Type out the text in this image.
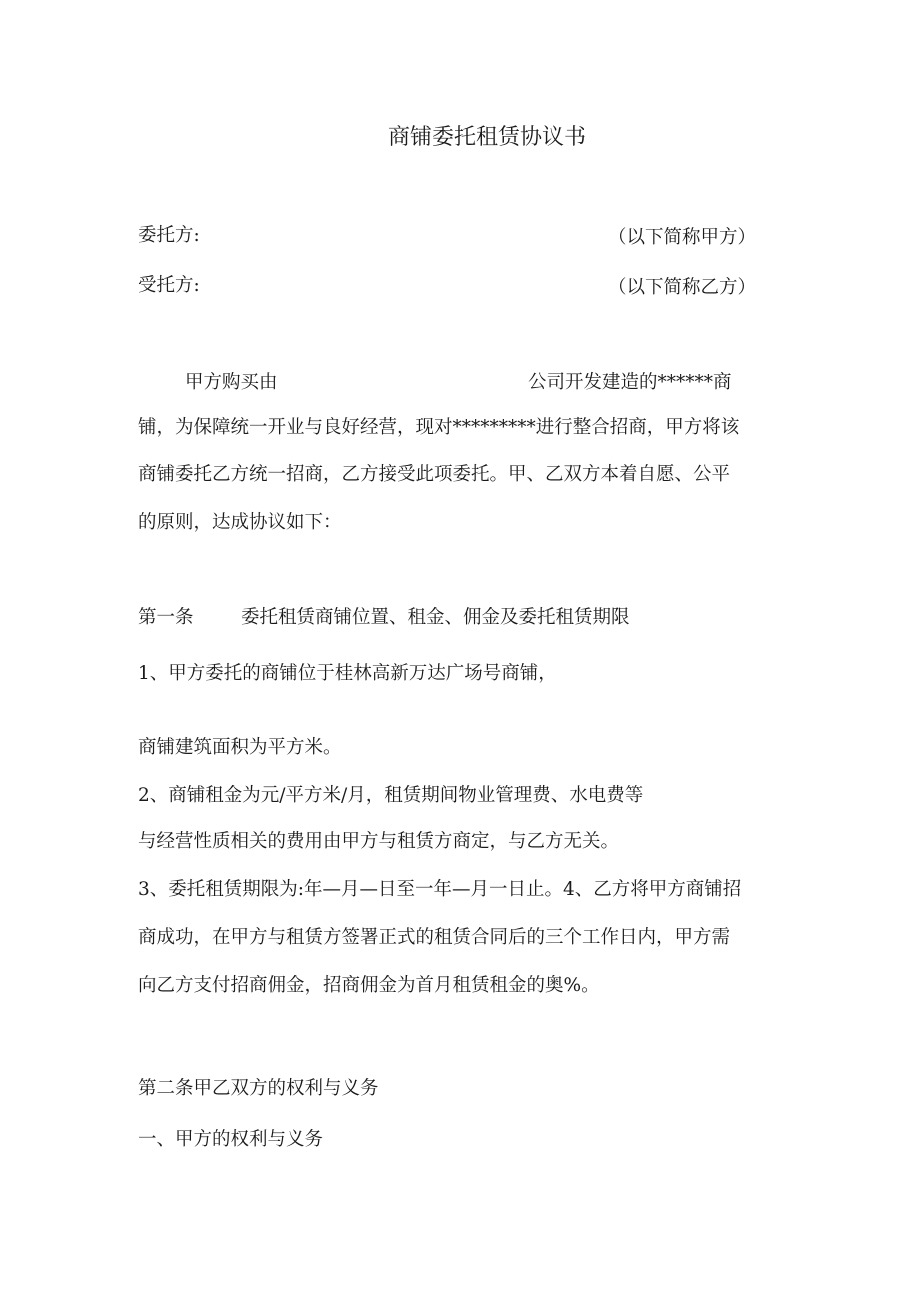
商铺委托租赁协议书
委托方:	（以下简称甲方）
受托方:	（以下简称乙方）
甲方购买由	公司开发建造的******商
铺，为保障统一开业与良好经营，现对*********进行整合招商，甲方将该
商铺委托乙方统一招商，乙方接受此项委托。甲、乙双方本着自愿、公平
的原则，达成协议如下：
第一条	委托租赁商铺位置、租金、佣金及委托租赁期限
1、甲方委托的商铺位于桂林高新万达广场号商铺，
商铺建筑面积为平方米。
2、商铺租金为元/平方米/月，租赁期间物业管理费、水电费等
与经营性质相关的费用由甲方与租赁方商定，与乙方无关。
3、委托租赁期限为:年—月—日至一年—月一日止。4、乙方将甲方商铺招
商成功，在甲方与租赁方签署正式的租赁合同后的三个工作日内，甲方需
向乙方支付招商佣金，招商佣金为首月租赁租金的奥%。
第二条甲乙双方的权利与义务
一、甲方的权利与义务
